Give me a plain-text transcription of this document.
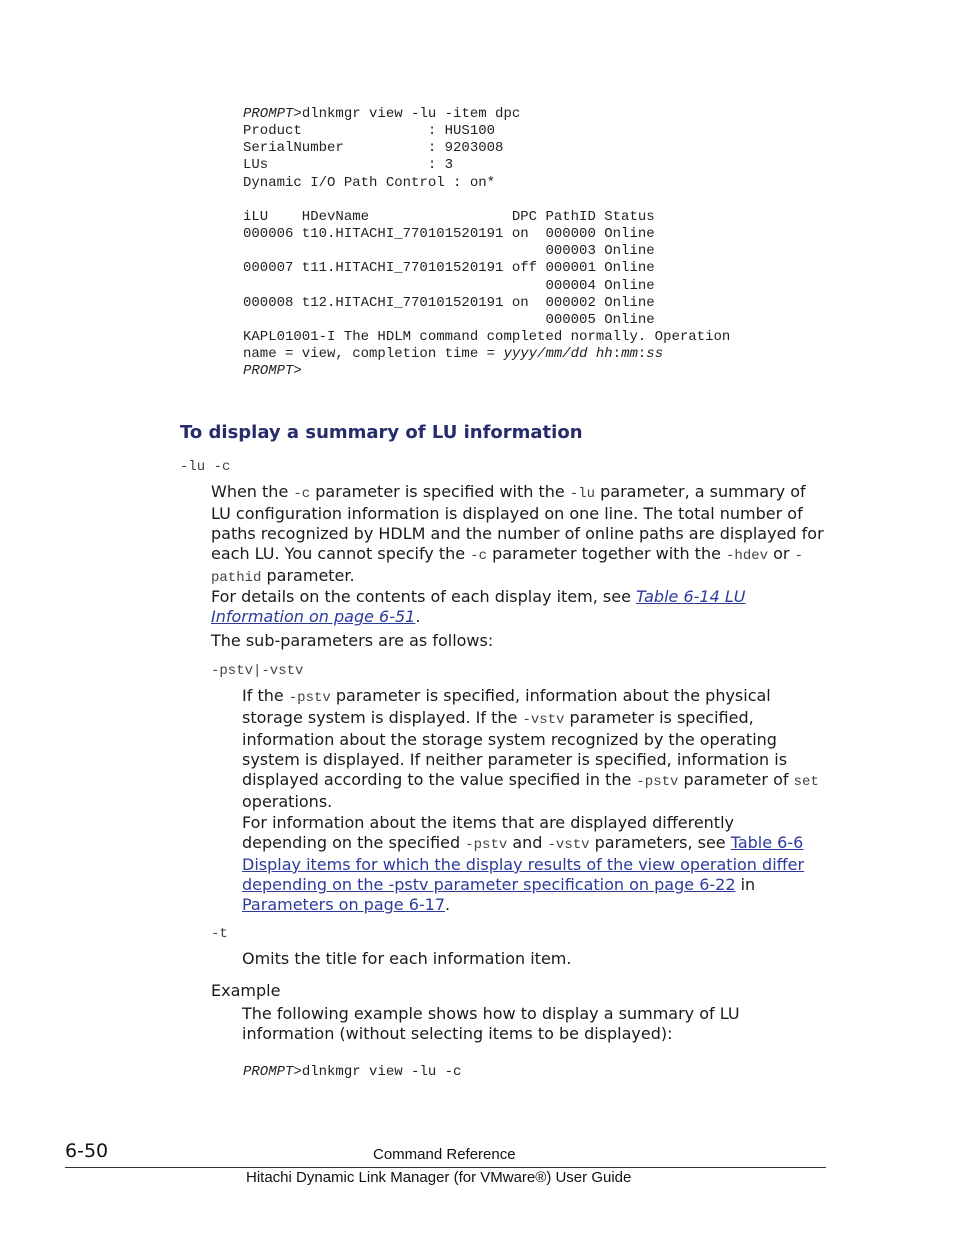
PROMPT>dlnkmgr view -lu -item dpc
Product               : HUS100
SerialNumber          : 9203008
LUs                   : 3
Dynamic I/O Path Control : on*

iLU    HDevName                 DPC PathID Status
000006 t10.HITACHI_770101520191 on  000000 Online
000003 Online
000007 t11.HITACHI_770101520191 off 000001 Online
000004 Online
000008 t12.HITACHI_770101520191 on  000002 Online
000005 Online
KAPL01001-I The HDLM command completed normally. Operation
name = view, completion time = yyyy/mm/dd hh:mm:ss
PROMPT>
To display a summary of LU information
-lu -c

When the -c parameter is specified with the -lu parameter, a summary of LU configuration information is displayed on one line. The total number of paths recognized by HDLM and the number of online paths are displayed for each LU. You cannot specify the -c parameter together with the -hdev or -pathid parameter.

For details on the contents of each display item, see Table 6-14 LU Information on page 6-51.

The sub-parameters are as follows:

-pstv|-vstv

If the -pstv parameter is specified, information about the physical storage system is displayed. If the -vstv parameter is specified, information about the storage system recognized by the operating system is displayed. If neither parameter is specified, information is displayed according to the value specified in the -pstv parameter of set operations.

For information about the items that are displayed differently depending on the specified -pstv and -vstv parameters, see Table 6-6 Display items for which the display results of the view operation differ depending on the -pstv parameter specification on page 6-22 in Parameters on page 6-17.

-t

Omits the title for each information item.

Example

The following example shows how to display a summary of LU information (without selecting items to be displayed):

PROMPT>dlnkmgr view -lu -c
6-50	Command Reference
Hitachi Dynamic Link Manager (for VMware®) User Guide
